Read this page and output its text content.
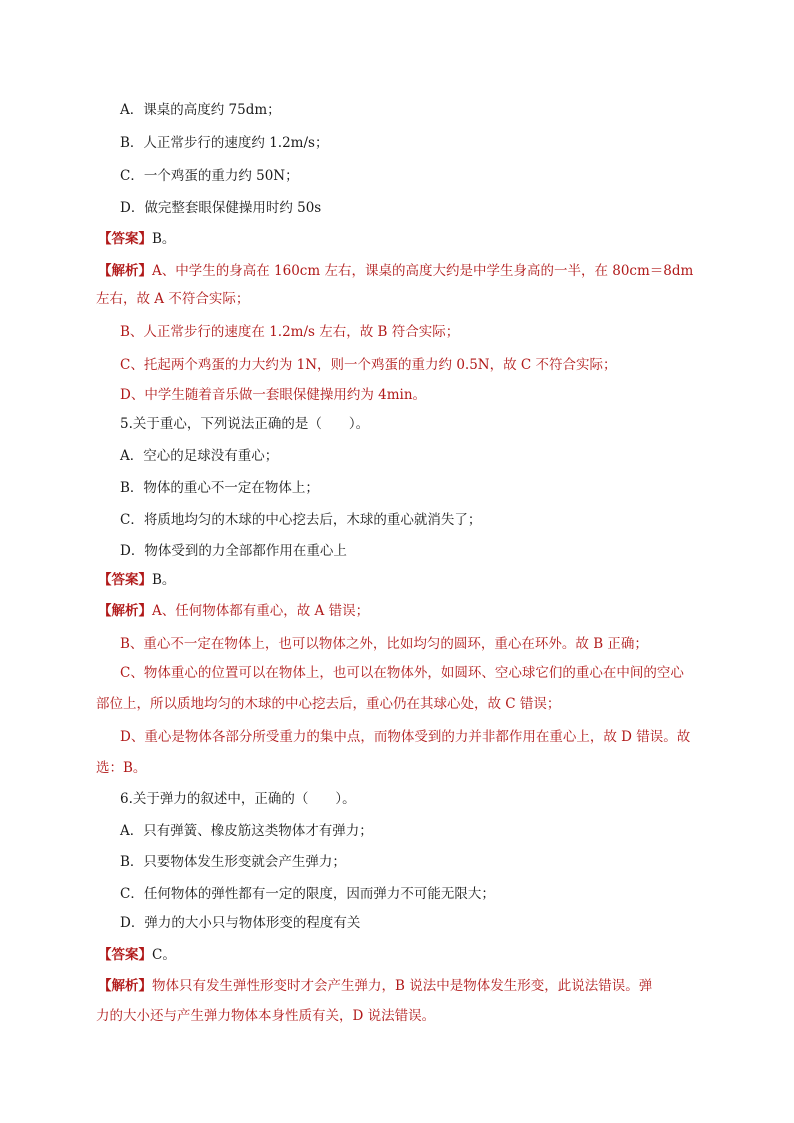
A．课桌的高度约 75dm；
B．人正常步行的速度约 1.2m/s；
C．一个鸡蛋的重力约 50N；
D．做完整套眼保健操用时约 50s
【答案】B。
【解析】A、中学生的身高在 160cm 左右，课桌的高度大约是中学生身高的一半，在 80cm＝8dm
左右，故 A 不符合实际；
B、人正常步行的速度在 1.2m/s 左右，故 B 符合实际；
C、托起两个鸡蛋的力大约为 1N，则一个鸡蛋的重力约 0.5N，故 C 不符合实际；
D、中学生随着音乐做一套眼保健操用约为 4min。
5.关于重心，下列说法正确的是（　　）。
A．空心的足球没有重心；
B．物体的重心不一定在物体上；
C．将质地均匀的木球的中心挖去后，木球的重心就消失了；
D．物体受到的力全部都作用在重心上
【答案】B。
【解析】A、任何物体都有重心，故 A 错误；
B、重心不一定在物体上，也可以物体之外，比如均匀的圆环，重心在环外。故 B 正确；
C、物体重心的位置可以在物体上，也可以在物体外，如圆环、空心球它们的重心在中间的空心
部位上，所以质地均匀的木球的中心挖去后，重心仍在其球心处，故 C 错误；
D、重心是物体各部分所受重力的集中点，而物体受到的力并非都作用在重心上，故 D 错误。故
选：B。
6.关于弹力的叙述中，正确的（　　）。
A．只有弹簧、橡皮筋这类物体才有弹力；
B．只要物体发生形变就会产生弹力；
C．任何物体的弹性都有一定的限度，因而弹力不可能无限大；
D．弹力的大小只与物体形变的程度有关
【答案】C。
【解析】物体只有发生弹性形变时才会产生弹力，B 说法中是物体发生形变，此说法错误。弹
力的大小还与产生弹力物体本身性质有关，D 说法错误。
